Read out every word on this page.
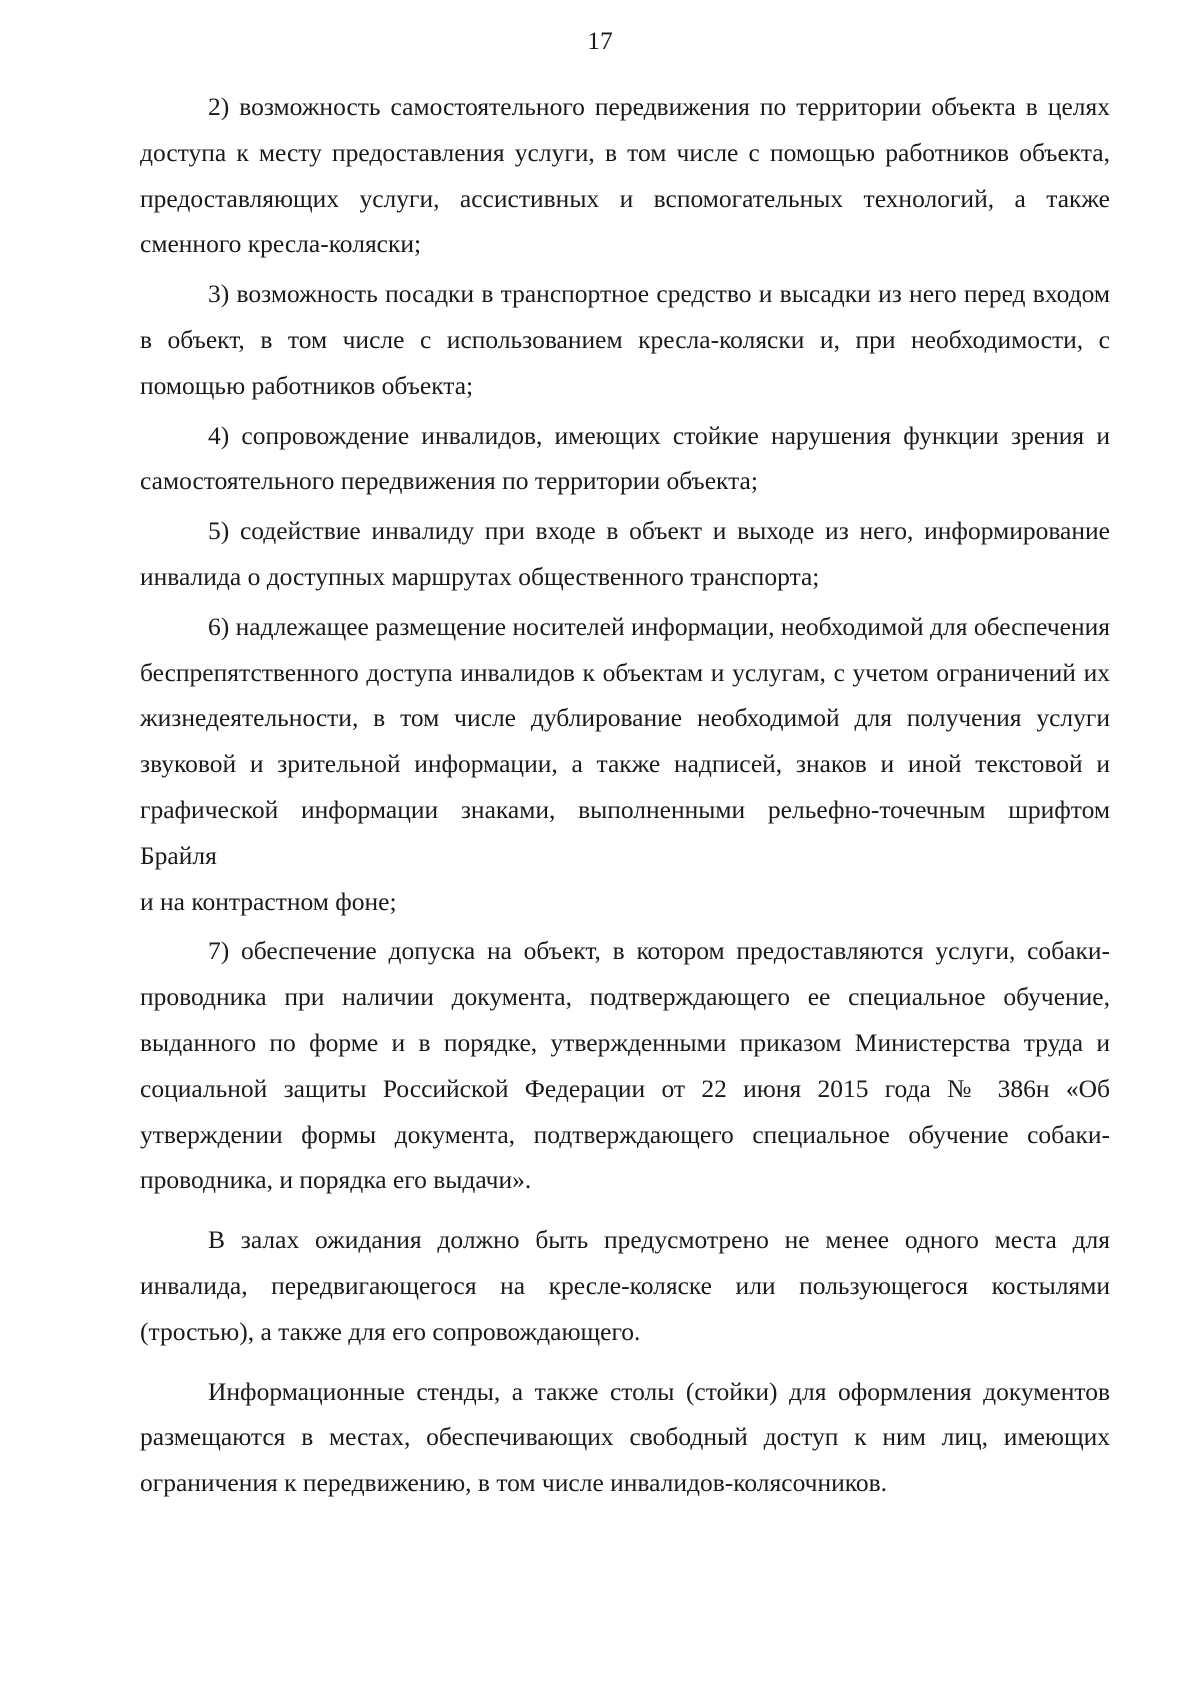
17

2) возможность самостоятельного передвижения по территории объекта в целях доступа к месту предоставления услуги, в том числе с помощью работников объекта, предоставляющих услуги, ассистивных и вспомогательных технологий, а также сменного кресла-коляски;

3) возможность посадки в транспортное средство и высадки из него перед входом в объект, в том числе с использованием кресла-коляски и, при необходимости, с помощью работников объекта;

4) сопровождение инвалидов, имеющих стойкие нарушения функции зрения и самостоятельного передвижения по территории объекта;

5) содействие инвалиду при входе в объект и выходе из него, информирование инвалида о доступных маршрутах общественного транспорта;

6) надлежащее размещение носителей информации, необходимой для обеспечения беспрепятственного доступа инвалидов к объектам и услугам, с учетом ограничений их жизнедеятельности, в том числе дублирование необходимой для получения услуги звуковой и зрительной информации, а также надписей, знаков и иной текстовой и графической информации знаками, выполненными рельефно-точечным шрифтом Брайля

и на контрастном фоне;

7) обеспечение допуска на объект, в котором предоставляются услуги, собаки-проводника при наличии документа, подтверждающего ее специальное обучение, выданного по форме и в порядке, утвержденными приказом Министерства труда и социальной защиты Российской Федерации от 22 июня 2015 года № 386н «Об утверждении формы документа, подтверждающего специальное обучение собаки-проводника, и порядка его выдачи».

В залах ожидания должно быть предусмотрено не менее одного места для инвалида, передвигающегося на кресле-коляске или пользующегося костылями (тростью), а также для его сопровождающего.

Информационные стенды, а также столы (стойки) для оформления документов размещаются в местах, обеспечивающих свободный доступ к ним лиц, имеющих ограничения к передвижению, в том числе инвалидов-колясочников.
